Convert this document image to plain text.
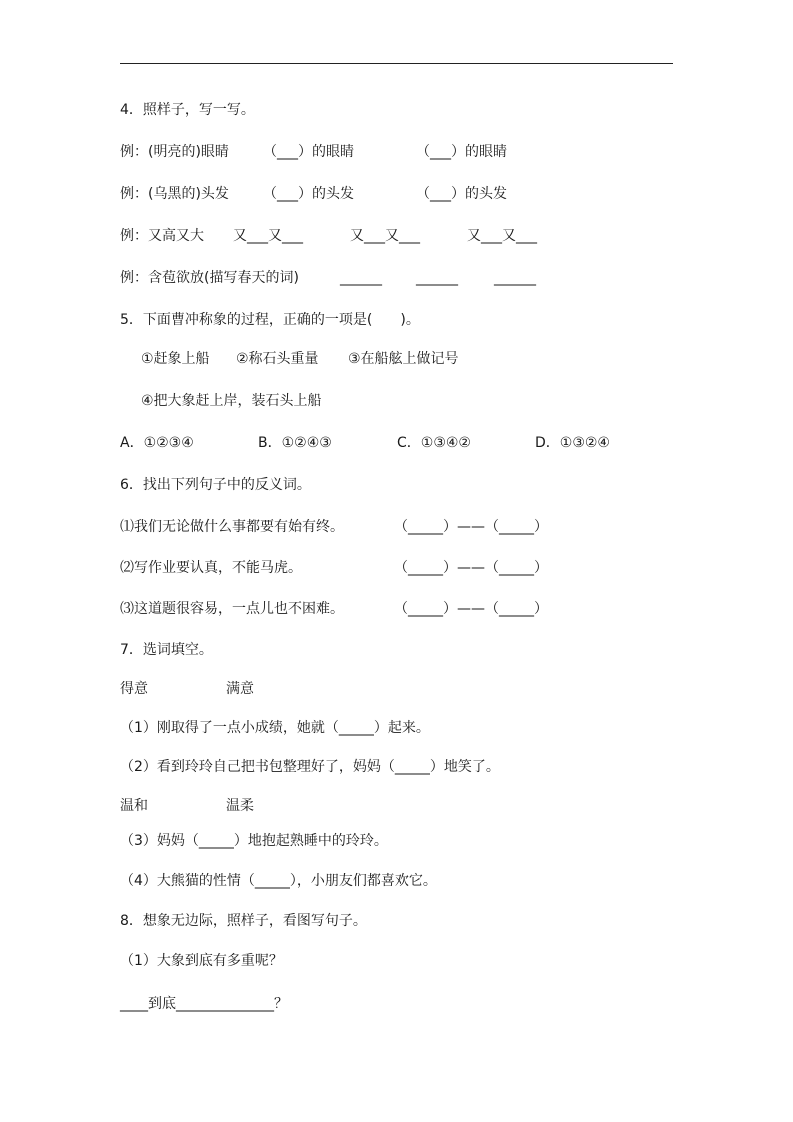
4．照样子，写一写。
例：(明亮的)眼睛 （___）的眼睛	（___）的眼睛
例：(乌黑的)头发 （___）的头发	（___）的头发
例：又高又大 又___又___	又___又___	又___又___
例：含苞欲放(描写春天的词)	______ ______	______
5．下面曹冲称象的过程，正确的一项是(　　)。
①赶象上船 ②称石头重量 ③在船舷上做记号
④把大象赶上岸，装石头上船
A．①②③④	B．①②④③	C．①③④②	D．①③②④
6．找出下列句子中的反义词。
⑴我们无论做什么事都要有始有终。	（_____）——（_____）
⑵写作业要认真，不能马虎。	（_____）——（_____）
⑶这道题很容易，一点儿也不困难。	（_____）——（_____）
7．选词填空。
得意	满意
（1）刚取得了一点小成绩，她就（_____）起来。
（2）看到玲玲自己把书包整理好了，妈妈（_____）地笑了。
温和	温柔
（3）妈妈（_____）地抱起熟睡中的玲玲。
（4）大熊猫的性情（_____），小朋友们都喜欢它。
8．想象无边际，照样子，看图写句子。
（1）大象到底有多重呢？
____到底______________？
